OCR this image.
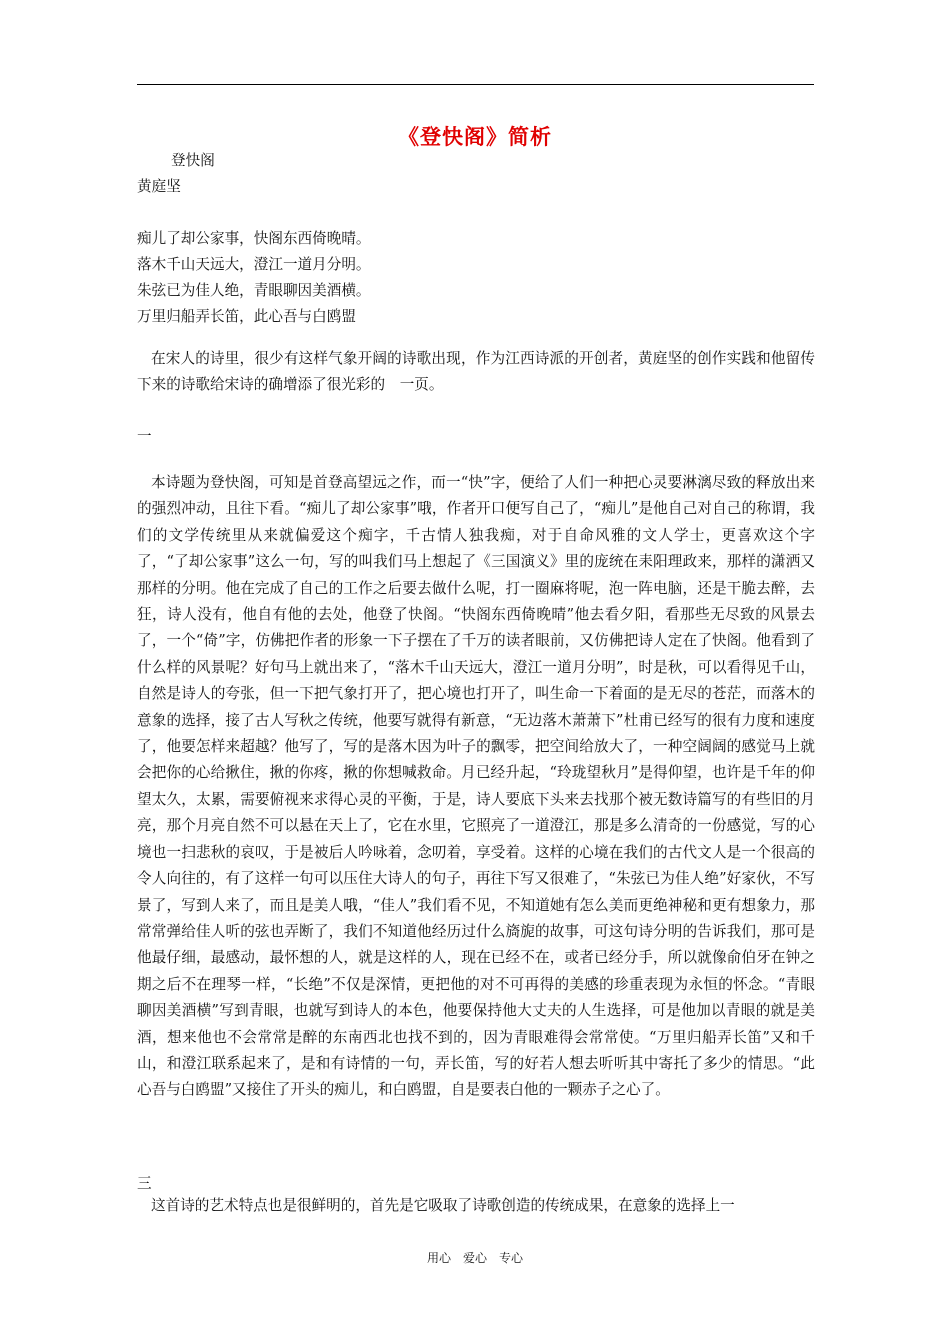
《登快阁》简析
登快阁
黄庭坚
痴儿了却公家事，快阁东西倚晚晴。
落木千山天远大，澄江一道月分明。
朱弦已为佳人绝，青眼聊因美酒横。
万里归船弄长笛，此心吾与白鸥盟

在宋人的诗里，很少有这样气象开阔的诗歌出现，作为江西诗派的开创者，黄庭坚的创作实践和他留传下来的诗歌给宋诗的确增添了很光彩的　一页。

一

本诗题为登快阁，可知是首登高望远之作，而一“快”字，便给了人们一种把心灵要淋漓尽致的释放出来的强烈冲动，且往下看。“痴儿了却公家事”哦，作者开口便写自己了，“痴儿”是他自己对自己的称谓，我们的文学传统里从来就偏爱这个痴字，千古情人独我痴，对于自命风雅的文人学士，更喜欢这个字了，“了却公家事”这么一句，写的叫我们马上想起了《三国演义》里的庞统在耒阳理政来，那样的潇洒又那样的分明。他在完成了自己的工作之后要去做什么呢，打一圈麻将呢，泡一阵电脑，还是干脆去醉，去狂，诗人没有，他自有他的去处，他登了快阁。“快阁东西倚晚晴”他去看夕阳，看那些无尽致的风景去了，一个“倚”字，仿佛把作者的形象一下子摆在了千万的读者眼前，又仿佛把诗人定在了快阁。他看到了什么样的风景呢？好句马上就出来了，“落木千山天远大，澄江一道月分明”，时是秋，可以看得见千山，自然是诗人的夸张，但一下把气象打开了，把心境也打开了，叫生命一下着面的是无尽的苍茫，而落木的意象的选择，接了古人写秋之传统，他要写就得有新意，“无边落木萧萧下”杜甫已经写的很有力度和速度了，他要怎样来超越？他写了，写的是落木因为叶子的飘零，把空间给放大了，一种空阔阔的感觉马上就会把你的心给揪住，揪的你疼，揪的你想喊救命。月已经升起，“玲珑望秋月”是得仰望，也许是千年的仰望太久，太累，需要俯视来求得心灵的平衡，于是，诗人要底下头来去找那个被无数诗篇写的有些旧的月亮，那个月亮自然不可以悬在天上了，它在水里，它照亮了一道澄江，那是多么清奇的一份感觉，写的心境也一扫悲秋的哀叹，于是被后人吟咏着，念叨着，享受着。这样的心境在我们的古代文人是一个很高的令人向往的，有了这样一句可以压住大诗人的句子，再往下写又很难了，“朱弦已为佳人绝”好家伙，不写景了，写到人来了，而且是美人哦，“佳人”我们看不见，不知道她有怎么美而更绝神秘和更有想象力，那常常弹给佳人听的弦也弄断了，我们不知道他经历过什么旖旎的故事，可这句诗分明的告诉我们，那可是他最仔细，最感动，最怀想的人，就是这样的人，现在已经不在，或者已经分手，所以就像俞伯牙在钟之期之后不在理琴一样，“长绝”不仅是深情，更把他的对不可再得的美感的珍重表现为永恒的怀念。“青眼聊因美酒横”写到青眼，也就写到诗人的本色，他要保持他大丈夫的人生选择，可是他加以青眼的就是美酒，想来他也不会常常是醉的东南西北也找不到的，因为青眼难得会常常使。“万里归船弄长笛”又和千山，和澄江联系起来了，是和有诗情的一句，弄长笛，写的好若人想去听听其中寄托了多少的情思。“此心吾与白鸥盟”又接住了开头的痴儿，和白鸥盟，自是要表白他的一颗赤子之心了。

三

这首诗的艺术特点也是很鲜明的，首先是它吸取了诗歌创造的传统成果，在意象的选择上一

用心　爱心　专心
